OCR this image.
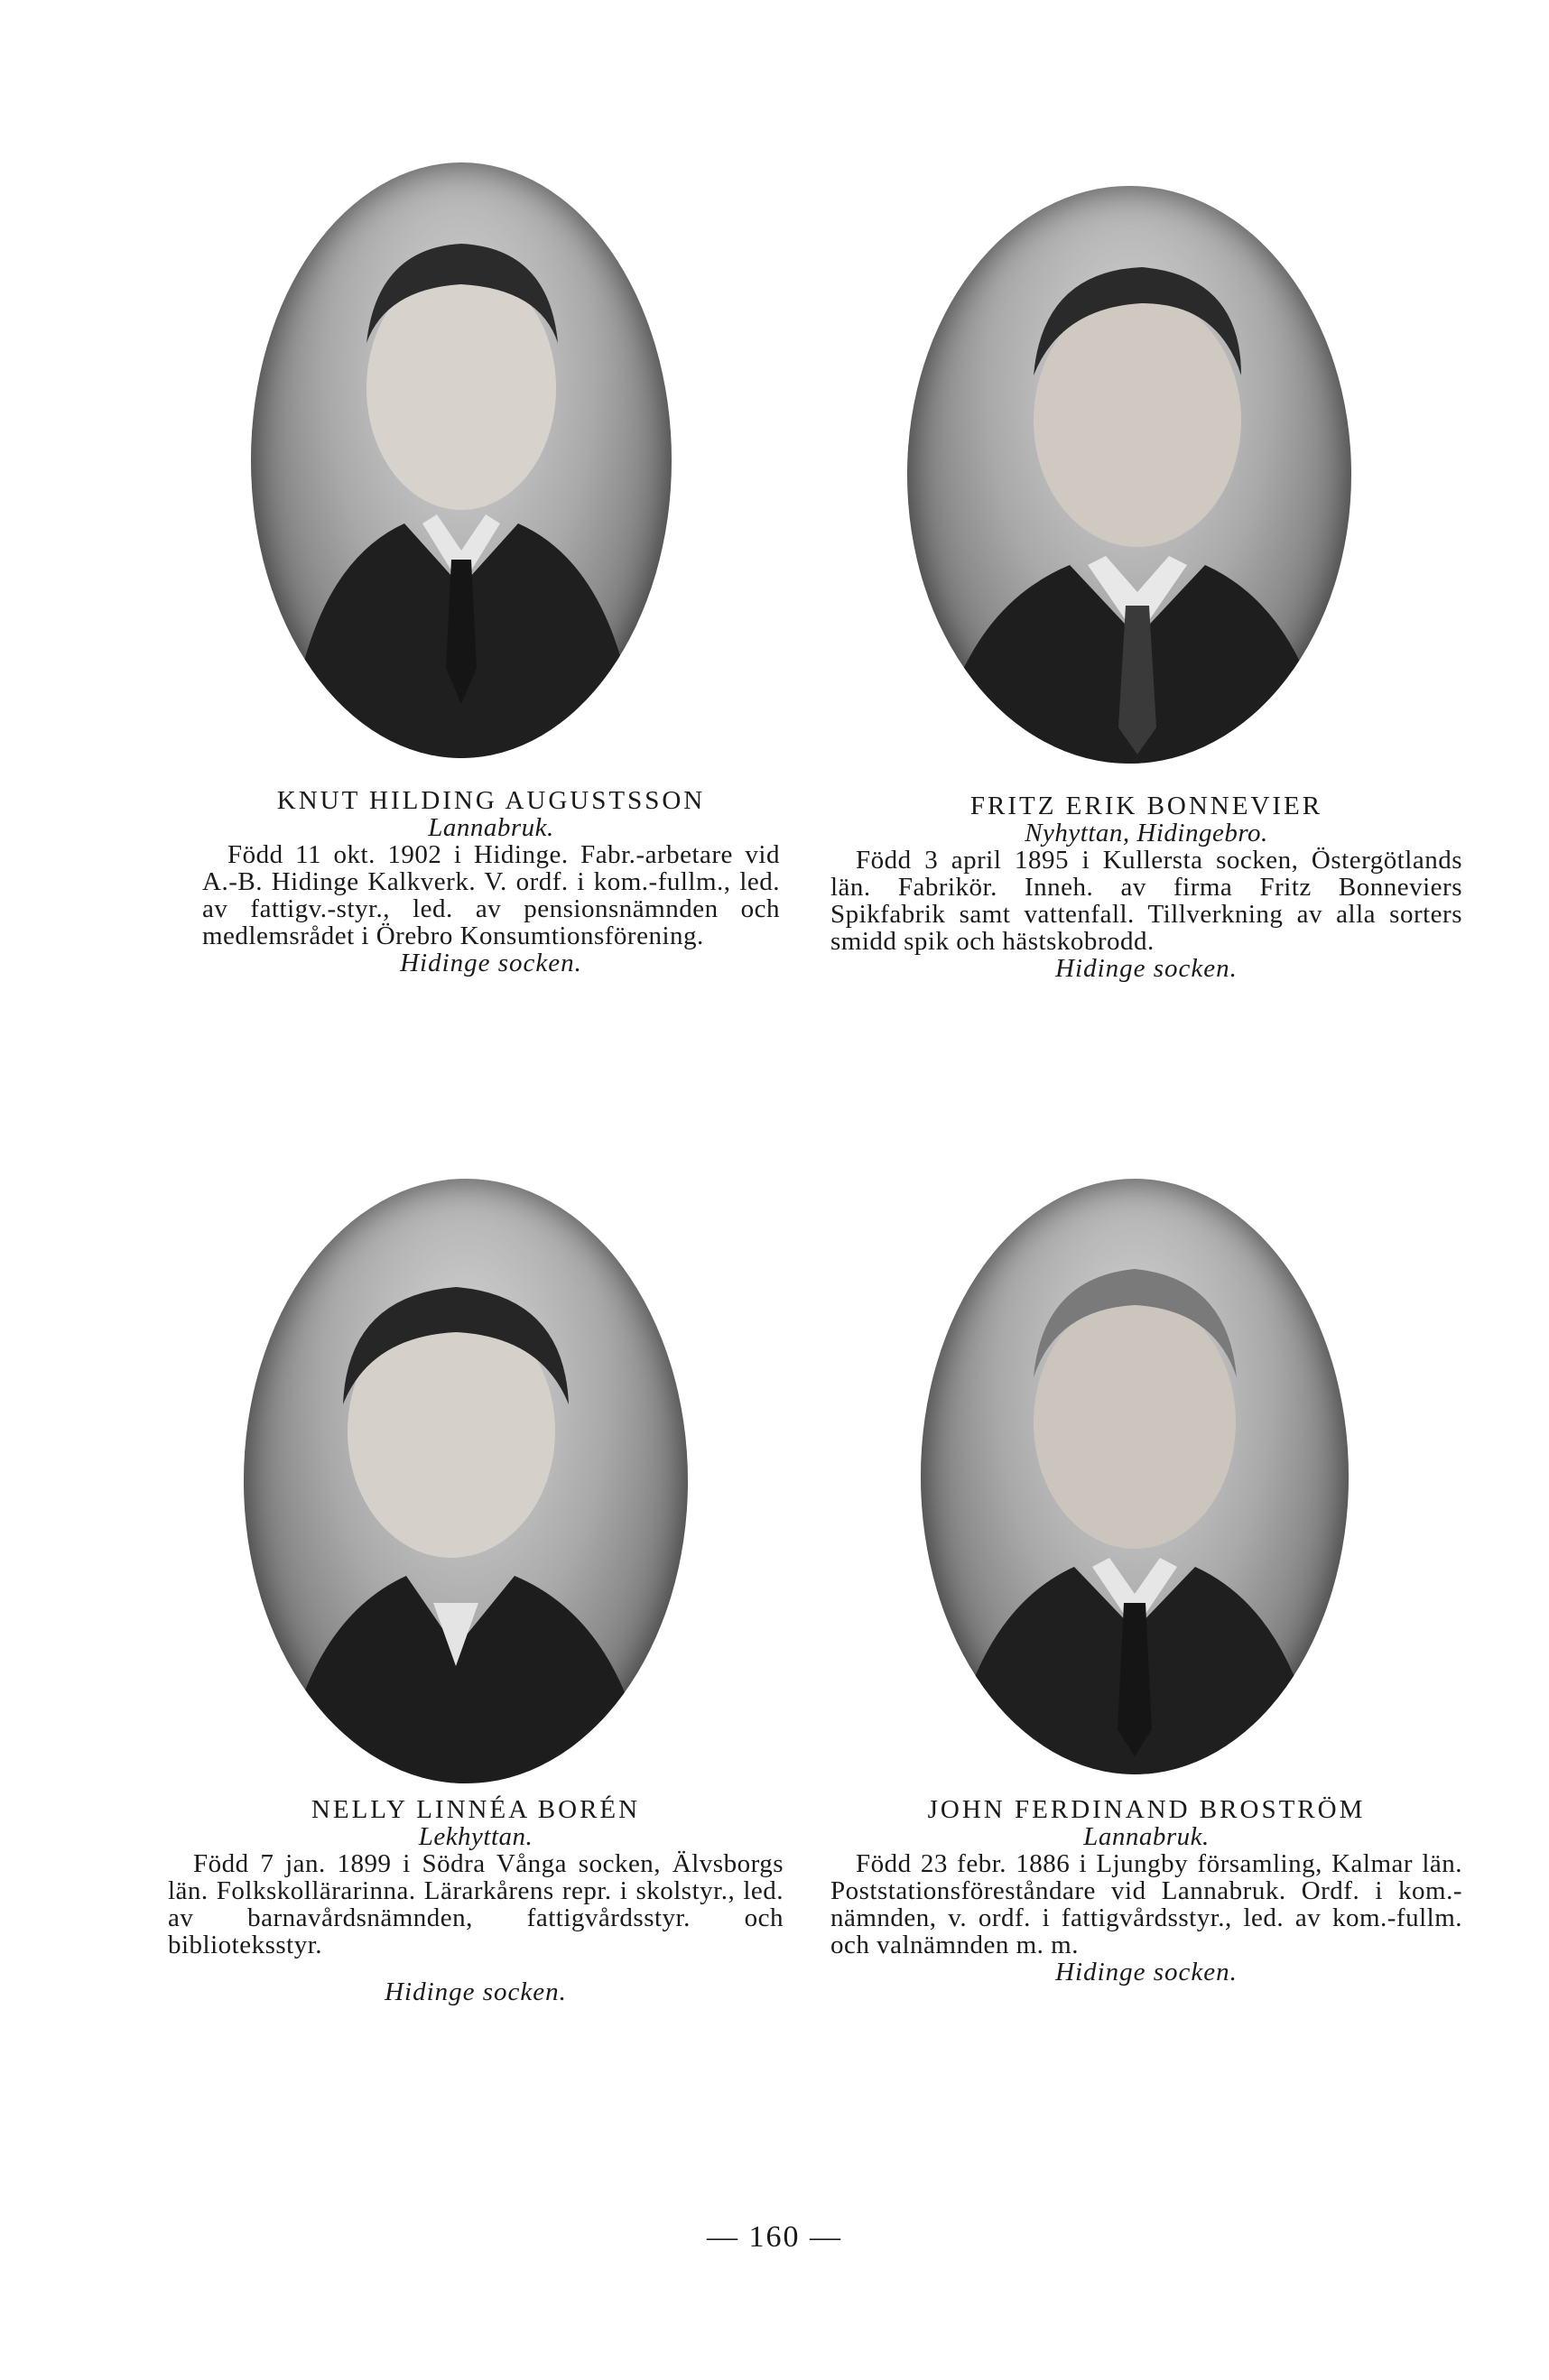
KNUT HILDING AUGUSTSSON
Lannabruk.
Född 11 okt. 1902 i Hidinge. Fabr.-arbetare vid A.-B. Hidinge Kalkverk. V. ordf. i kom.-fullm., led. av fattigv.-styr., led. av pensionsnämnden och medlemsrådet i Örebro Konsumtionsförening.
Hidinge socken.
FRITZ ERIK BONNEVIER
Nyhyttan, Hidingebro.
Född 3 april 1895 i Kullersta socken, Östergötlands län. Fabrikör. Inneh. av firma Fritz Bonneviers Spikfabrik samt vattenfall. Tillverkning av alla sorters smidd spik och hästskobrodd.
Hidinge socken.
NELLY LINNÉA BORÉN
Lekhyttan.
Född 7 jan. 1899 i Södra Vånga socken, Älvsborgs län. Folkskollärarinna. Lärarkårens repr. i skolstyr., led. av barnavårdsnämnden, fattigvårdsstyr. och biblioteksstyr.
Hidinge socken.
JOHN FERDINAND BROSTRÖM
Lannabruk.
Född 23 febr. 1886 i Ljungby församling, Kalmar län. Poststationsföreståndare vid Lannabruk. Ordf. i kom.-nämnden, v. ordf. i fattigvårdsstyr., led. av kom.-fullm. och valnämnden m. m.
Hidinge socken.
— 160 —
